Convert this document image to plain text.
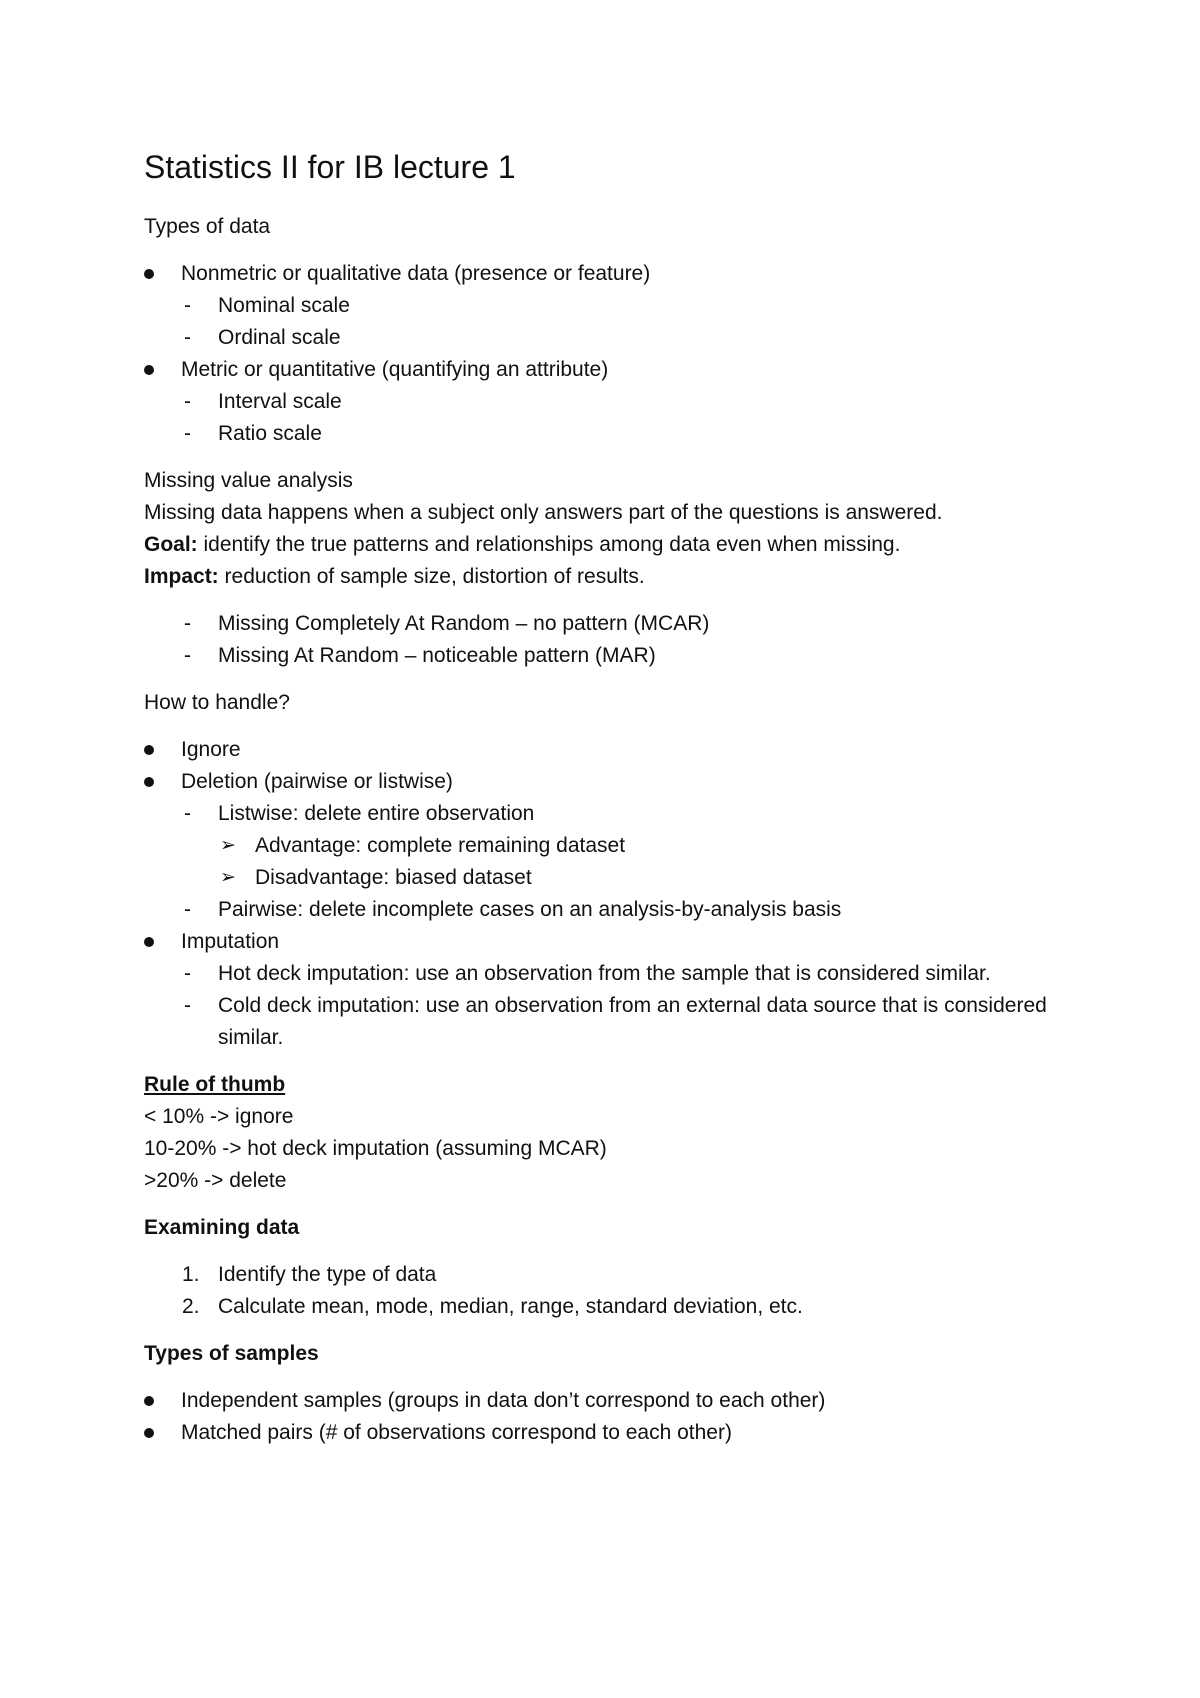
Statistics II for IB lecture 1

Types of data

Nonmetric or qualitative data (presence or feature)
- Nominal scale
- Ordinal scale
Metric or quantitative (quantifying an attribute)
- Interval scale
- Ratio scale

Missing value analysis

Missing data happens when a subject only answers part of the questions is answered.

Goal: identify the true patterns and relationships among data even when missing.

Impact: reduction of sample size, distortion of results.

- Missing Completely At Random – no pattern (MCAR)
- Missing At Random – noticeable pattern (MAR)

How to handle?

Ignore
Deletion (pairwise or listwise)
- Listwise: delete entire observation
➢ Advantage: complete remaining dataset
➢ Disadvantage: biased dataset
- Pairwise: delete incomplete cases on an analysis-by-analysis basis
Imputation
- Hot deck imputation: use an observation from the sample that is considered similar.
- Cold deck imputation: use an observation from an external data source that is considered similar.

Rule of thumb

< 10% -> ignore

10-20% -> hot deck imputation (assuming MCAR)

>20% -> delete

Examining data

1. Identify the type of data
2. Calculate mean, mode, median, range, standard deviation, etc.

Types of samples

Independent samples (groups in data don’t correspond to each other)
Matched pairs (# of observations correspond to each other)
